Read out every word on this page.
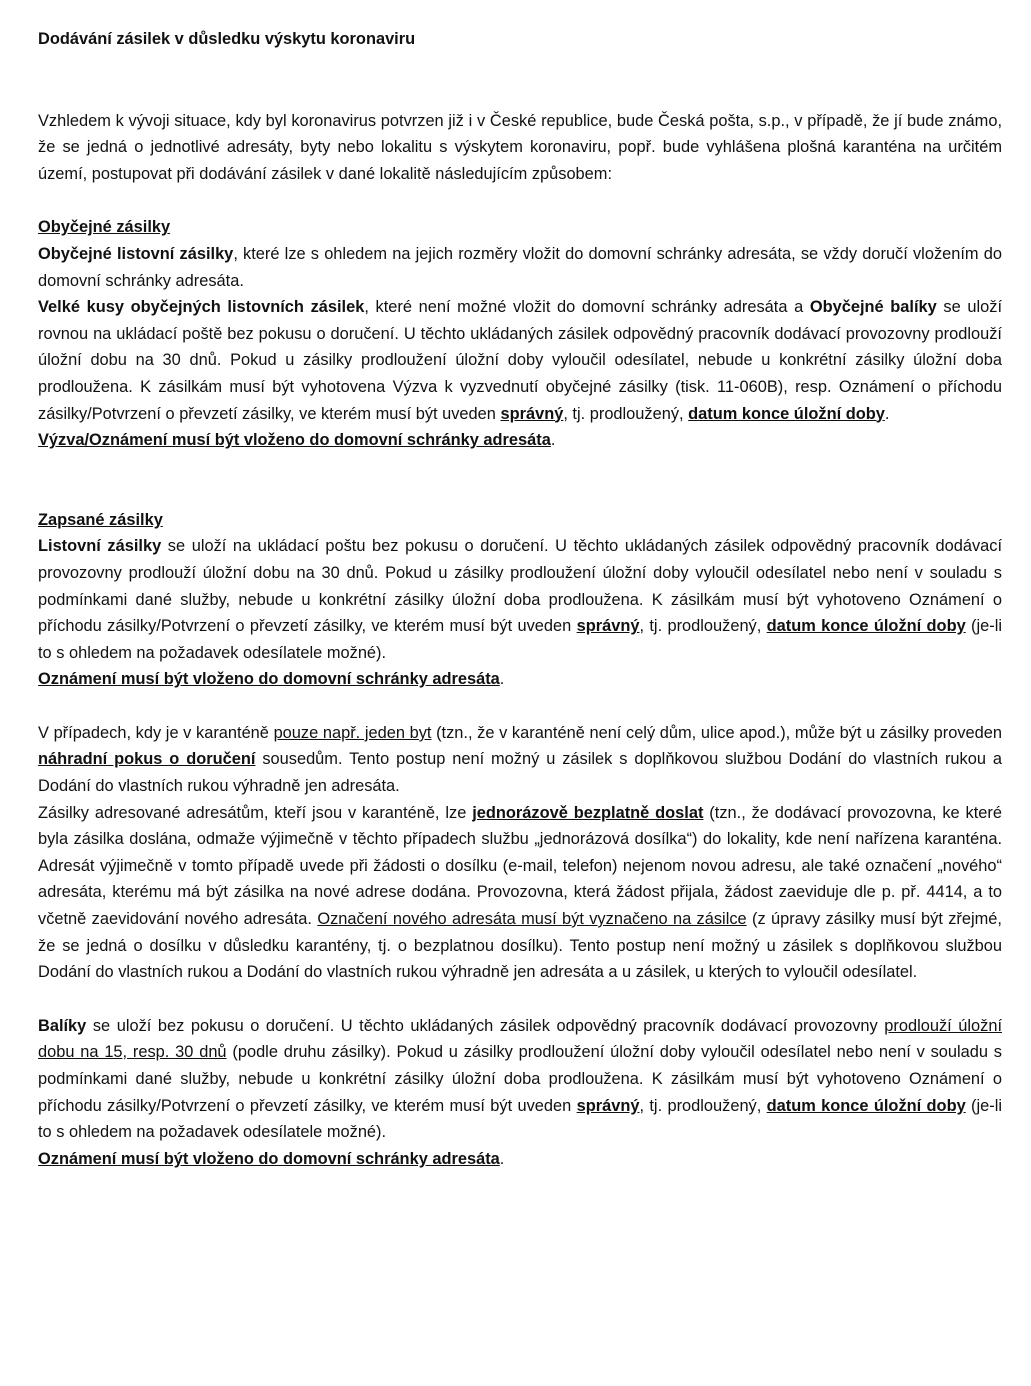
Dodávání zásilek v důsledku výskytu koronaviru

Vzhledem k vývoji situace, kdy byl koronavirus potvrzen již i v České republice, bude Česká pošta, s.p., v případě, že jí bude známo, že se jedná o jednotlivé adresáty, byty nebo lokalitu s výskytem koronaviru, popř. bude vyhlášena plošná karanténa na určitém území, postupovat při dodávání zásilek v dané lokalitě následujícím způsobem:

Obyčejné zásilky

Obyčejné listovní zásilky, které lze s ohledem na jejich rozměry vložit do domovní schránky adresáta, se vždy doručí vložením do domovní schránky adresáta.

Velké kusy obyčejných listovních zásilek, které není možné vložit do domovní schránky adresáta a Obyčejné balíky se uloží rovnou na ukládací poště bez pokusu o doručení. U těchto ukládaných zásilek odpovědný pracovník dodávací provozovny prodlouží úložní dobu na 30 dnů. Pokud u zásilky prodloužení úložní doby vyloučil odesílatel, nebude u konkrétní zásilky úložní doba prodloužena. K zásilkám musí být vyhotovena Výzva k vyzvednutí obyčejné zásilky (tisk. 11-060B), resp. Oznámení o příchodu zásilky/Potvrzení o převzetí zásilky, ve kterém musí být uveden správný, tj. prodloužený, datum konce úložní doby.

Výzva/Oznámení musí být vloženo do domovní schránky adresáta.

Zapsané zásilky

Listovní zásilky se uloží na ukládací poštu bez pokusu o doručení. U těchto ukládaných zásilek odpovědný pracovník dodávací provozovny prodlouží úložní dobu na 30 dnů. Pokud u zásilky prodloužení úložní doby vyloučil odesílatel nebo není v souladu s podmínkami dané služby, nebude u konkrétní zásilky úložní doba prodloužena. K zásilkám musí být vyhotoveno Oznámení o příchodu zásilky/Potvrzení o převzetí zásilky, ve kterém musí být uveden správný, tj. prodloužený, datum konce úložní doby (je-li to s ohledem na požadavek odesílatele možné).

Oznámení musí být vloženo do domovní schránky adresáta.

V případech, kdy je v karanténě pouze např. jeden byt (tzn., že v karanténě není celý dům, ulice apod.), může být u zásilky proveden náhradní pokus o doručení sousedům. Tento postup není možný u zásilek s doplňkovou službou Dodání do vlastních rukou a Dodání do vlastních rukou výhradně jen adresáta.

Zásilky adresované adresátům, kteří jsou v karanténě, lze jednorázově bezplatně doslat (tzn., že dodávací provozovna, ke které byla zásilka doslána, odmaže výjimečně v těchto případech službu „jednorázová dosílka“) do lokality, kde není nařízena karanténa. Adresát výjimečně v tomto případě uvede při žádosti o dosílku (e-mail, telefon) nejenom novou adresu, ale také označení „nového“ adresáta, kterému má být zásilka na nové adrese dodána. Provozovna, která žádost přijala, žádost zaeviduje dle p. př. 4414, a to včetně zaevidování nového adresáta. Označení nového adresáta musí být vyznačeno na zásilce (z úpravy zásilky musí být zřejmé, že se jedná o dosílku v důsledku karantény, tj. o bezplatnou dosílku). Tento postup není možný u zásilek s doplňkovou službou Dodání do vlastních rukou a Dodání do vlastních rukou výhradně jen adresáta a u zásilek, u kterých to vyloučil odesílatel.

Balíky se uloží bez pokusu o doručení. U těchto ukládaných zásilek odpovědný pracovník dodávací provozovny prodlouží úložní dobu na 15, resp. 30 dnů (podle druhu zásilky). Pokud u zásilky prodloužení úložní doby vyloučil odesílatel nebo není v souladu s podmínkami dané služby, nebude u konkrétní zásilky úložní doba prodloužena. K zásilkám musí být vyhotoveno Oznámení o příchodu zásilky/Potvrzení o převzetí zásilky, ve kterém musí být uveden správný, tj. prodloužený, datum konce úložní doby (je-li to s ohledem na požadavek odesílatele možné).

Oznámení musí být vloženo do domovní schránky adresáta.
